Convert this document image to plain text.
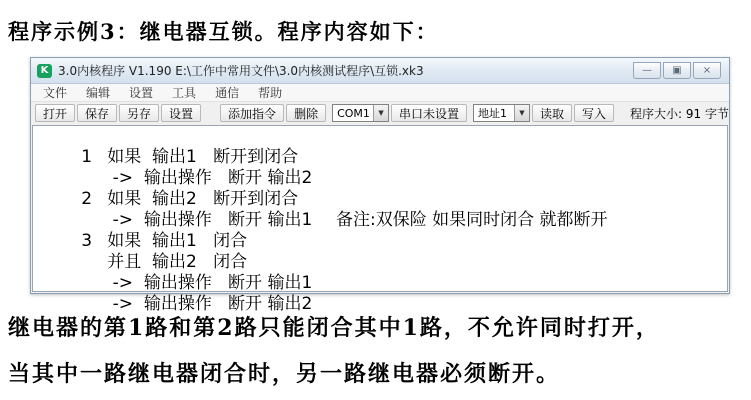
程序示例3：继电器互锁。程序内容如下：
K 3.0内核程序 V1.190 E:\工作中常用文件\3.0内核测试程序\互锁.xk3	—	▣	×
文件 编辑 设置 工具 通信 帮助
打开	保存	另存	设置	添加指令	删除	COM1	▼	串口未设置	地址1	▼	读取	写入	程序大小: 91 字节

1 如果  输出1   断开到闭合

->  输出操作   断开 输出2

2 如果  输出2   断开到闭合

->  输出操作   断开 输出1

3 如果  输出1   闭合

备注:双保险 如果同时闭合 就都断开

并且  输出2   闭合

->  输出操作   断开 输出1

->  输出操作   断开 输出2

继电器的第1路和第2路只能闭合其中1路，不允许同时打开，
当其中一路继电器闭合时，另一路继电器必须断开。
